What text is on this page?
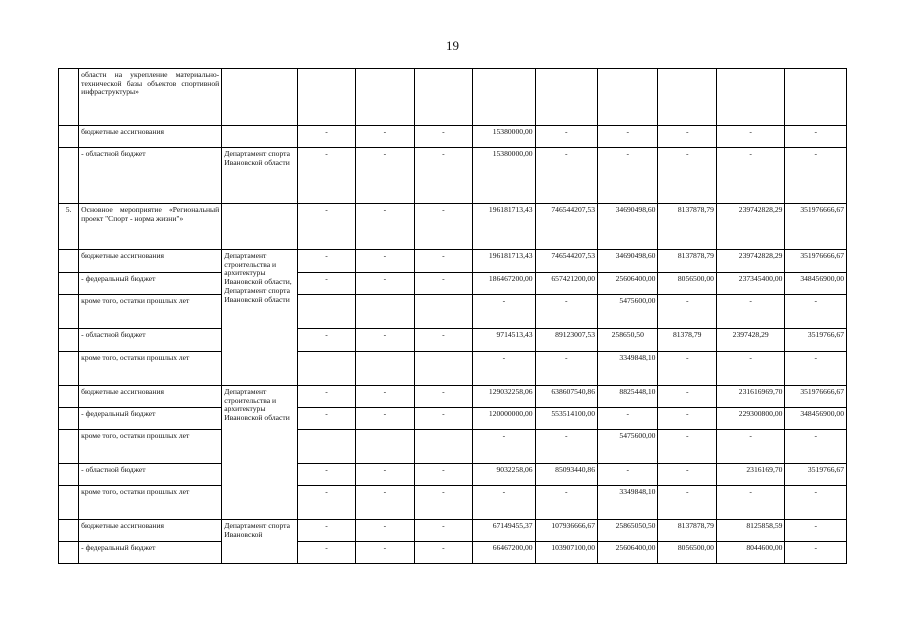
19
	областн на укрепление материально-технической базы объектов спортивной инфраструктуры»										
	бюджетные ассигнования		-	-	-	15380000,00	-	-	-	-	-
	- областной бюджет	Департамент спорта Ивановской области	-	-	-	15380000,00	-	-	-	-	-
5.	Основное мероприятие «Региональный проект "Спорт - норма жизни"»		-	-	-	196181713,43	746544207,53	34690498,60	8137878,79	239742828,29	351976666,67
	бюджетные ассигнования	Департамент строительства и архитектуры Ивановской области, Департамент спорта Ивановской области	-	-	-	196181713,43	746544207,53	34690498,60	8137878,79	239742828,29	351976666,67
	- федеральный бюджет		-	-	-	186467200,00	657421200,00	25606400,00	8056500,00	237345400,00	348456900,00
	кроме того, остатки прошлых лет					-	-	5475600,00	-	-	-
	- областной бюджет		-	-	-	9714513,43	89123007,53	258650,50	81378,79	2397428,29	3519766,67
	кроме того, остатки прошлых лет					-	-	3349848,10	-	-	-
	бюджетные ассигнования	Департамент строительства и архитектуры Ивановской области	-	-	-	129032258,06	638607540,86	8825448,10	-	231616969,70	351976666,67
	- федеральный бюджет		-	-	-	120000000,00	553514100,00	-	-	229300800,00	348456900,00
	кроме того, остатки прошлых лет					-	-	5475600,00	-	-	-
	- областной бюджет		-	-	-	9032258,06	85093440,86	-	-	2316169,70	3519766,67
	кроме того, остатки прошлых лет		-	-	-	-	-	3349848,10	-	-	-
	бюджетные ассигнования	Департамент спорта Ивановской	-	-	-	67149455,37	107936666,67	25865050,50	8137878,79	8125858,59	-
	- федеральный бюджет		-	-	-	66467200,00	103907100,00	25606400,00	8056500,00	8044600,00	-
